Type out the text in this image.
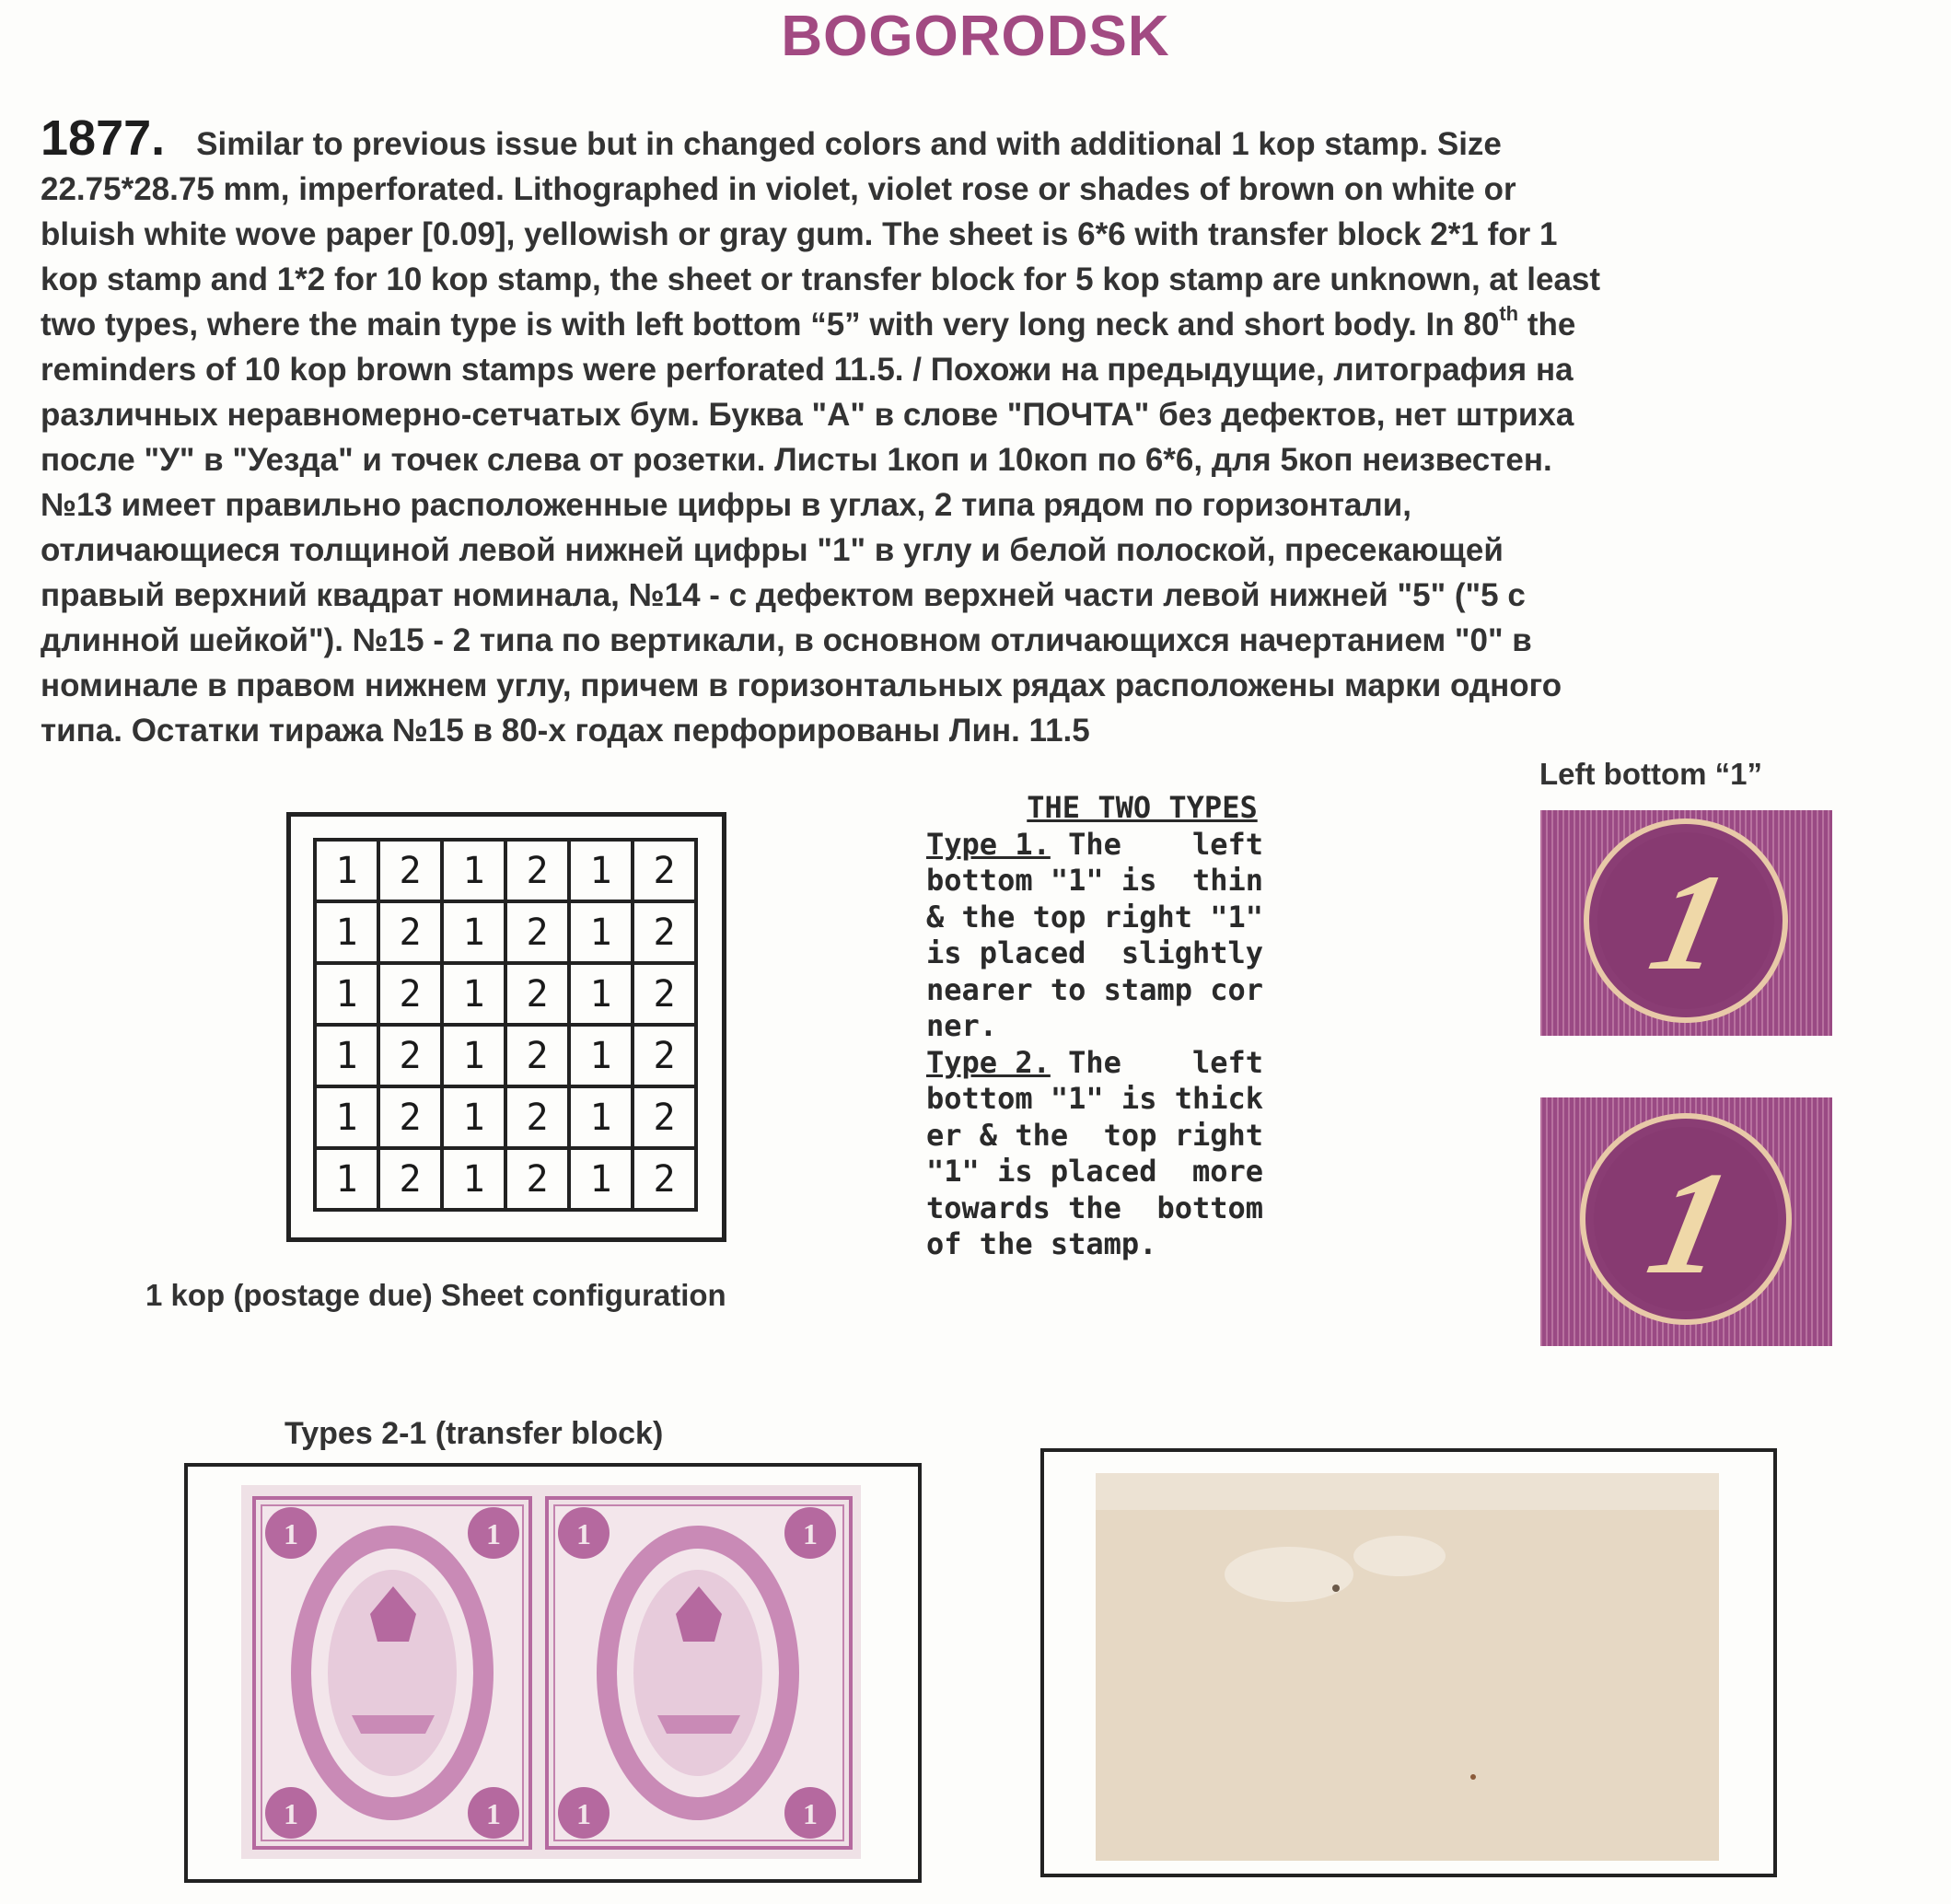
BOGORODSK
1877. Similar to previous issue but in changed colors and with additional 1 kop stamp. Size
22.75*28.75 mm, imperforated. Lithographed in violet, violet rose or shades of brown on white or
bluish white wove paper [0.09], yellowish or gray gum. The sheet is 6*6 with transfer block 2*1 for 1
kop stamp and 1*2 for 10 kop stamp, the sheet or transfer block for 5 kop stamp are unknown, at least
two types, where the main type is with left bottom “5” with very long neck and short body. In 80th the
reminders of 10 kop brown stamps were perforated 11.5. / Похожи на предыдущие, литография на
различных неравномерно-сетчатых бум. Буква "А" в слове "ПОЧТА" без дефектов, нет штриха
после "У" в "Уезда" и точек слева от розетки. Листы 1коп и 10коп по 6*6, для 5коп неизвестен.
№13 имеет правильно расположенные цифры в углах, 2 типа рядом по горизонтали,
отличающиеся толщиной левой нижней цифры "1" в углу и белой полоской, пресекающей
правый верхний квадрат номинала, №14 - с дефектом верхней части левой нижней "5" ("5 с
длинной шейкой"). №15 - 2 типа по вертикали, в основном отличающихся начертанием "0" в
номинале в правом нижнем углу, причем в горизонтальных рядах расположены марки одного
типа. Остатки тиража №15 в 80-х годах перфорированы Лин. 11.5
1	2	1	2	1	2
1	2	1	2	1	2
1	2	1	2	1	2
1	2	1	2	1	2
1	2	1	2	1	2
1	2	1	2	1	2
1 kop (postage due) Sheet configuration
THE TWO TYPES

Type 1. The    left
bottom "1" is  thin
& the top right "1"
is placed  slightly
nearer to stamp cor
ner.

Type 2. The    left
bottom "1" is thick
er & the  top right
"1" is placed  more
towards the  bottom
of the stamp.

Left bottom “1”
1
1
Types 2-1 (transfer block)
1	1
1	1
1	1
1	1
